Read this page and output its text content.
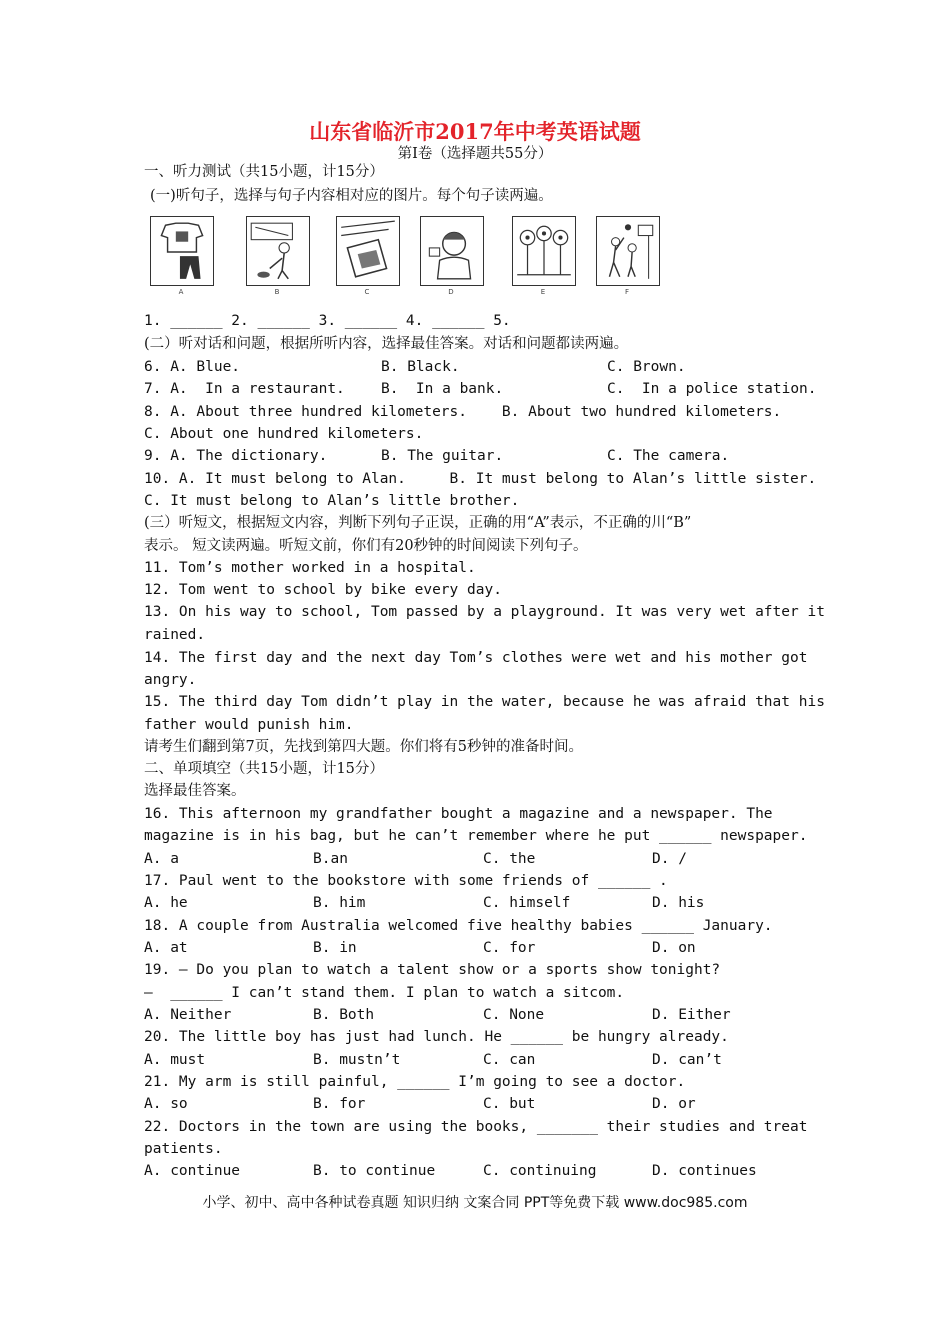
山东省临沂市2017年中考英语试题
第Ⅰ卷（选择题共55分）
一、听力测试（共15小题，计15分）
(一)听句子，选择与句子内容相对应的图片。每个句子读两遍。
A	B	C	D	E	F
1. ______ 2. ______ 3. ______ 4. ______ 5.
(二）听对话和问题，根据所听内容，选择最佳答案。对话和问题都读两遍。
6. A. Blue.	B. Black.	C. Brown.
7. A.  In a restaurant. B.  In a bank.	C.  In a police station.
8. A. About three hundred kilometers.    B. About two hundred kilometers.
C. About one hundred kilometers.
9. A. The dictionary.	B. The guitar.	C. The camera.
10. A. It must belong to Alan.     B. It must belong to Alan’s little sister.
C. It must belong to Alan’s little brother.
(三）听短文，根据短文内容，判断下列句子正误，正确的用“A”表示，不正确的川“B”
表示。 短文读两遍。听短文前，你们有20秒钟的时间阅读下列句子。
11. Tom’s mother worked in a hospital.
12. Tom went to school by bike every day.
13. On his way to school, Tom passed by a playground. It was very wet after it
rained.
14. The first day and the next day Tom’s clothes were wet and his mother got
angry.
15. The third day Tom didn’t play in the water, because he was afraid that his
father would punish him.
请考生们翻到第7页，先找到第四大题。你们将有5秒钟的准备时间。
二、单项填空（共15小题，计15分）
选择最佳答案。
16. This afternoon my grandfather bought a magazine and a newspaper. The
magazine is in his bag, but he can’t remember where he put ______ newspaper.
A. a	B.an	C. the	D. /
17. Paul went to the bookstore with some friends of ______ .
A. he	B. him	C. himself	D. his
18. A couple from Australia welcomed five healthy babies ______ January.
A. at	B. in	C. for	D. on
19. — Do you plan to watch a talent show or a sports show tonight?
—  ______ I can’t stand them. I plan to watch a sitcom.
A. Neither	B. Both	C. None	D. Either
20. The little boy has just had lunch. He ______ be hungry already.
A. must	B. mustn’t	C. can	D. can’t
21. My arm is still painful, ______ I’m going to see a doctor.
A. so	B. for	C. but	D. or
22. Doctors in the town are using the books, _______ their studies and treat
patients.
A. continue	B. to continue	C. continuing	D. continues
小学、初中、高中各种试卷真题 知识归纳 文案合同 PPT等免费下载 www.doc985.com
